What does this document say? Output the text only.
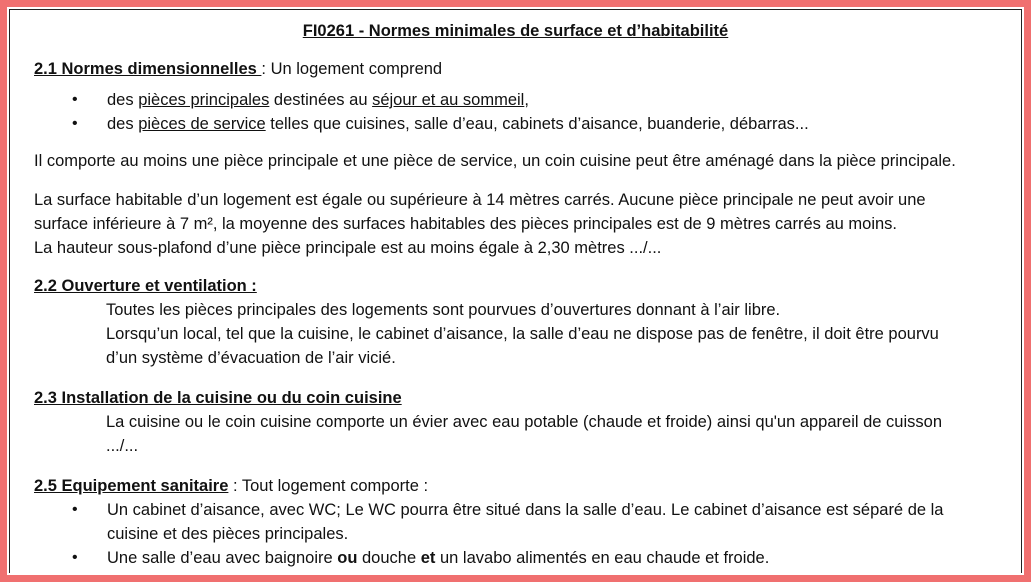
FI0261 - Normes minimales de surface et d’habitabilité
2.1 Normes dimensionnelles : Un logement comprend
• des pièces principales destinées au séjour et au sommeil,
• des pièces de service telles que cuisines, salle d’eau, cabinets d’aisance, buanderie, débarras...
Il comporte au moins une pièce principale et une pièce de service, un coin cuisine peut être aménagé dans la pièce principale.
La surface habitable d’un logement est égale ou supérieure à 14 mètres carrés. Aucune pièce principale ne peut avoir une
surface inférieure à 7 m², la moyenne des surfaces habitables des pièces principales est de 9 mètres carrés au moins.
La hauteur sous-plafond d’une pièce principale est au moins égale à 2,30 mètres .../...
2.2 Ouverture et ventilation :
Toutes les pièces principales des logements sont pourvues d’ouvertures donnant à l’air libre.
Lorsqu’un local, tel que la cuisine, le cabinet d’aisance, la salle d’eau ne dispose pas de fenêtre, il doit être pourvu
d’un système d’évacuation de l’air vicié.
2.3 Installation de la cuisine ou du coin cuisine
La cuisine ou le coin cuisine comporte un évier avec eau potable (chaude et froide) ainsi qu'un appareil de cuisson
.../...
2.5 Equipement sanitaire : Tout logement comporte :
• Un cabinet d’aisance, avec WC; Le WC pourra être situé dans la salle d’eau. Le cabinet d’aisance est séparé de la
cuisine et des pièces principales.
• Une salle d’eau avec baignoire ou douche et un lavabo alimentés en eau chaude et froide.
